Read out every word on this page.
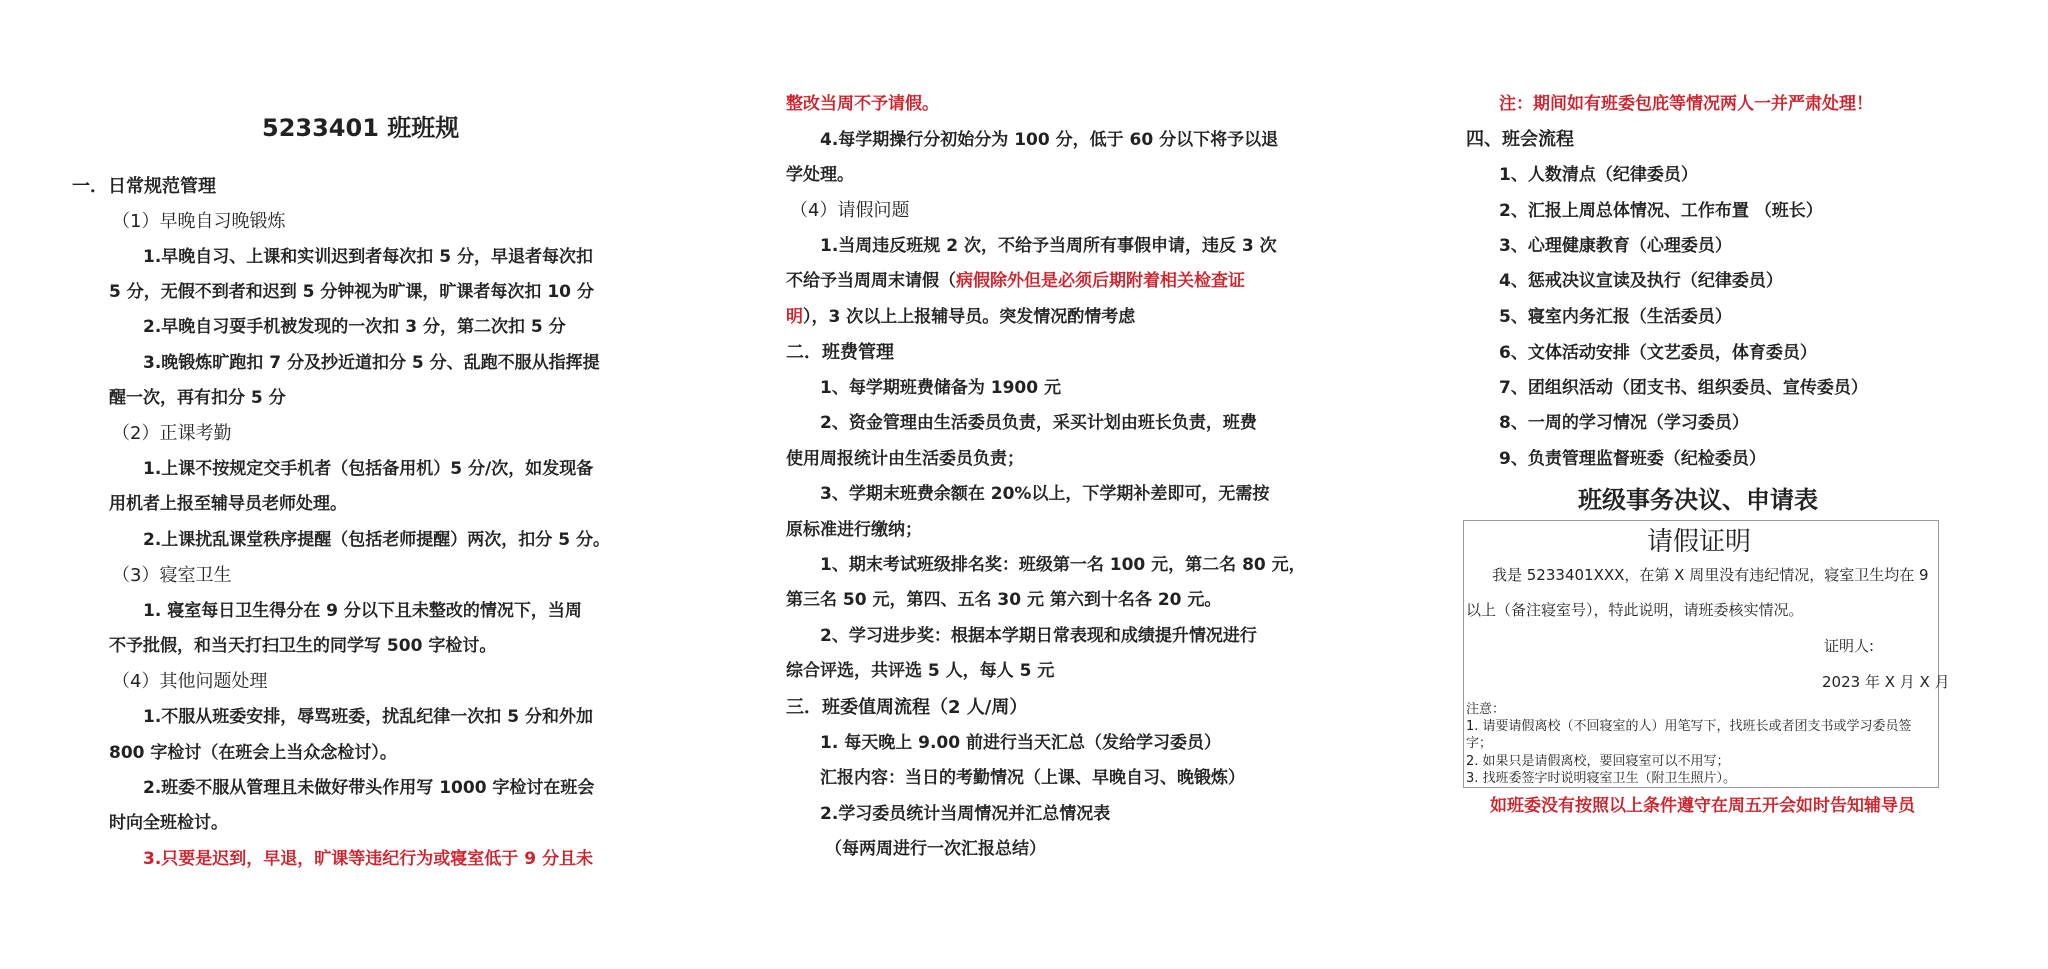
5233401 班班规
一．日常规范管理
（1）早晚自习晚锻炼
1.早晚自习、上课和实训迟到者每次扣 5 分，早退者每次扣
5 分，无假不到者和迟到 5 分钟视为旷课，旷课者每次扣 10 分
2.早晚自习耍手机被发现的一次扣 3 分，第二次扣 5 分
3.晚锻炼旷跑扣 7 分及抄近道扣分 5 分、乱跑不服从指挥提
醒一次，再有扣分 5 分
（2）正课考勤
1.上课不按规定交手机者（包括备用机）5 分/次，如发现备
用机者上报至辅导员老师处理。
2.上课扰乱课堂秩序提醒（包括老师提醒）两次，扣分 5 分。
（3）寝室卫生
1. 寝室每日卫生得分在 9 分以下且未整改的情况下，当周
不予批假，和当天打扫卫生的同学写 500 字检讨。
（4）其他问题处理
1.不服从班委安排，辱骂班委，扰乱纪律一次扣 5 分和外加
800 字检讨（在班会上当众念检讨）。
2.班委不服从管理且未做好带头作用写 1000 字检讨在班会
时向全班检讨。
3.只要是迟到，早退，旷课等违纪行为或寝室低于 9 分且未
整改当周不予请假。
4.每学期操行分初始分为 100 分，低于 60 分以下将予以退
学处理。
（4）请假问题
1.当周违反班规 2 次，不给予当周所有事假申请，违反 3 次
不给予当周周末请假（病假除外但是必须后期附着相关检查证
明），3 次以上上报辅导员。突发情况酌情考虑
二．班费管理
1、每学期班费储备为 1900 元
2、资金管理由生活委员负责，采买计划由班长负责，班费
使用周报统计由生活委员负责；
3、学期末班费余额在 20%以上，下学期补差即可，无需按
原标准进行缴纳；
1、期末考试班级排名奖：班级第一名 100 元，第二名 80 元，
第三名 50 元，第四、五名 30 元 第六到十名各 20 元。
2、学习进步奖：根据本学期日常表现和成绩提升情况进行
综合评选，共评选 5 人，每人 5 元
三．班委值周流程（2 人/周）
1. 每天晚上 9.00 前进行当天汇总（发给学习委员）
汇报内容：当日的考勤情况（上课、早晚自习、晚锻炼）
2.学习委员统计当周情况并汇总情况表
（每两周进行一次汇报总结）
注：期间如有班委包庇等情况两人一并严肃处理！
四、班会流程
1、人数清点（纪律委员）
2、汇报上周总体情况、工作布置 （班长）
3、心理健康教育（心理委员）
4、惩戒决议宣读及执行（纪律委员）
5、寝室内务汇报（生活委员）
6、文体活动安排（文艺委员，体育委员）
7、团组织活动（团支书、组织委员、宣传委员）
8、一周的学习情况（学习委员）
9、负责管理监督班委（纪检委员）
班级事务决议、申请表
请假证明
我是 5233401XXX，在第 X 周里没有违纪情况，寝室卫生均在 9
以上（备注寝室号），特此说明，请班委核实情况。
证明人:
2023 年 X 月 X 月
注意：
1. 请要请假离校（不回寝室的人）用笔写下，找班长或者团支书或学习委员签字；
2. 如果只是请假离校，要回寝室可以不用写；
3. 找班委签字时说明寝室卫生（附卫生照片）。
如班委没有按照以上条件遵守在周五开会如时告知辅导员
